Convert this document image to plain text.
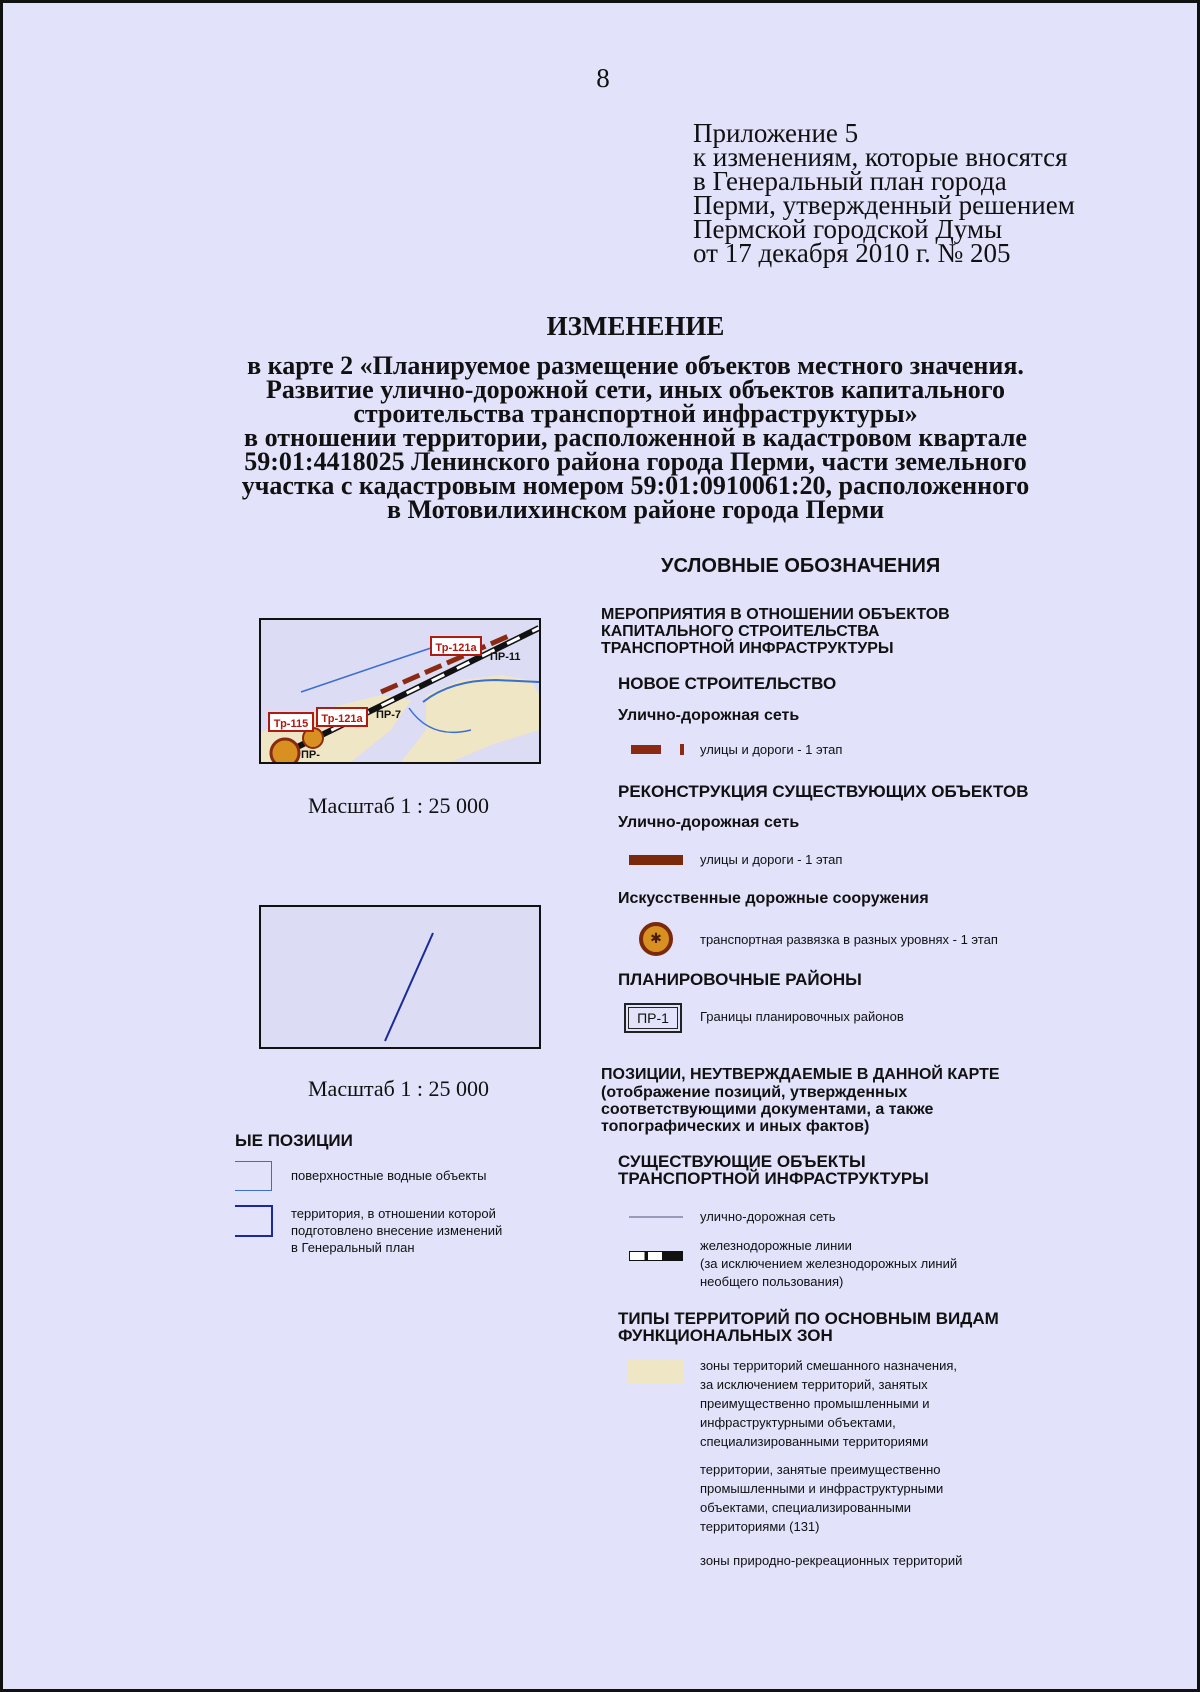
8
Приложение 5
к изменениям, которые вносятся
в Генеральный план города
Перми, утвержденный решением
Пермской городской Думы
от 17 декабря 2010 г. № 205
ИЗМЕНЕНИЕ
в карте 2 «Планируемое размещение объектов местного значения.
Развитие улично-дорожной сети, иных объектов капитального
строительства транспортной инфраструктуры»
в отношении территории, расположенной в кадастровом квартале
59:01:4418025 Ленинского района города Перми, части земельного
участка с кадастровым номером 59:01:0910061:20, расположенного
в Мотовилихинском районе города Перми
Тр-115 Тр-121а
Тр-121а
ПР-7
ПР-11
ПР-
Масштаб 1 : 25 000
Масштаб 1 : 25 000
ЫЕ ПОЗИЦИИ
поверхностные водные объекты
территория, в отношении которой
подготовлено внесение изменений
в Генеральный план
УСЛОВНЫЕ ОБОЗНАЧЕНИЯ
МЕРОПРИЯТИЯ В ОТНОШЕНИИ ОБЪЕКТОВ
КАПИТАЛЬНОГО СТРОИТЕЛЬСТВА
ТРАНСПОРТНОЙ ИНФРАСТРУКТУРЫ
НОВОЕ СТРОИТЕЛЬСТВО
Улично-дорожная сеть
улицы и дороги - 1 этап
РЕКОНСТРУКЦИЯ СУЩЕСТВУЮЩИХ ОБЪЕКТОВ
Улично-дорожная сеть
улицы и дороги - 1 этап
Искусственные дорожные сооружения
✱	транспортная развязка в разных уровнях - 1 этап
ПЛАНИРОВОЧНЫЕ РАЙОНЫ
ПР-1	Границы планировочных районов
ПОЗИЦИИ, НЕУТВЕРЖДАЕМЫЕ В ДАННОЙ КАРТЕ
(отображение позиций, утвержденных
соответствующими документами, а также
топографических и иных фактов)
СУЩЕСТВУЮЩИЕ ОБЪЕКТЫ
ТРАНСПОРТНОЙ ИНФРАСТРУКТУРЫ
улично-дорожная сеть
железнодорожные линии
(за исключением железнодорожных линий
необщего пользования)
ТИПЫ ТЕРРИТОРИЙ ПО ОСНОВНЫМ ВИДАМ
ФУНКЦИОНАЛЬНЫХ ЗОН
зоны территорий смешанного назначения,
за исключением территорий, занятых
преимущественно промышленными и
инфраструктурными объектами,
специализированными территориями
территории, занятые преимущественно
промышленными и инфраструктурными
объектами, специализированными
территориями (131)
зоны природно-рекреационных территорий
